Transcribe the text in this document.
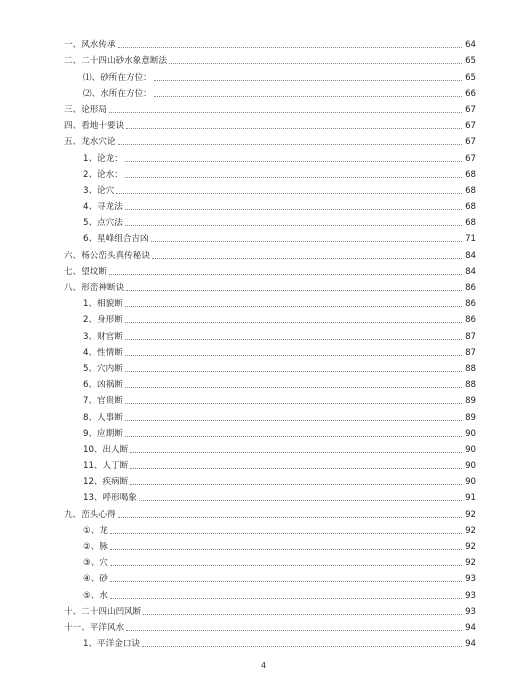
一、风水传承	64
二、二十四山砂水象意断法	65
⑴、砂所在方位：	65
⑵、水所在方位：	66
三、论形局	67
四、看地十要诀	67
五、龙水穴论	67
1、论龙：	67
2、论水：	68
3、论穴	68
4、寻龙法	68
5、点穴法	68
6、星峰组合吉凶	71
六、杨公峦头真传秘诀	84
七、望坟断	84
八、形峦神断诀	86
1、相貌断	86
2、身形断	86
3、财官断	87
4、性情断	87
5、穴内断	88
6、凶祸断	88
7、官贵断	89
8、人事断	89
9、应期断	90
10、出人断	90
11、人丁断	90
12、疾病断	90
13、呼形喝象	91
九、峦头心得	92
①、龙	92
②、脉	92
③、穴	92
④、砂	93
⑤、水	93
十、二十四山凹风断	93
十一、平洋风水	94
1、平洋金口诀	94
4
